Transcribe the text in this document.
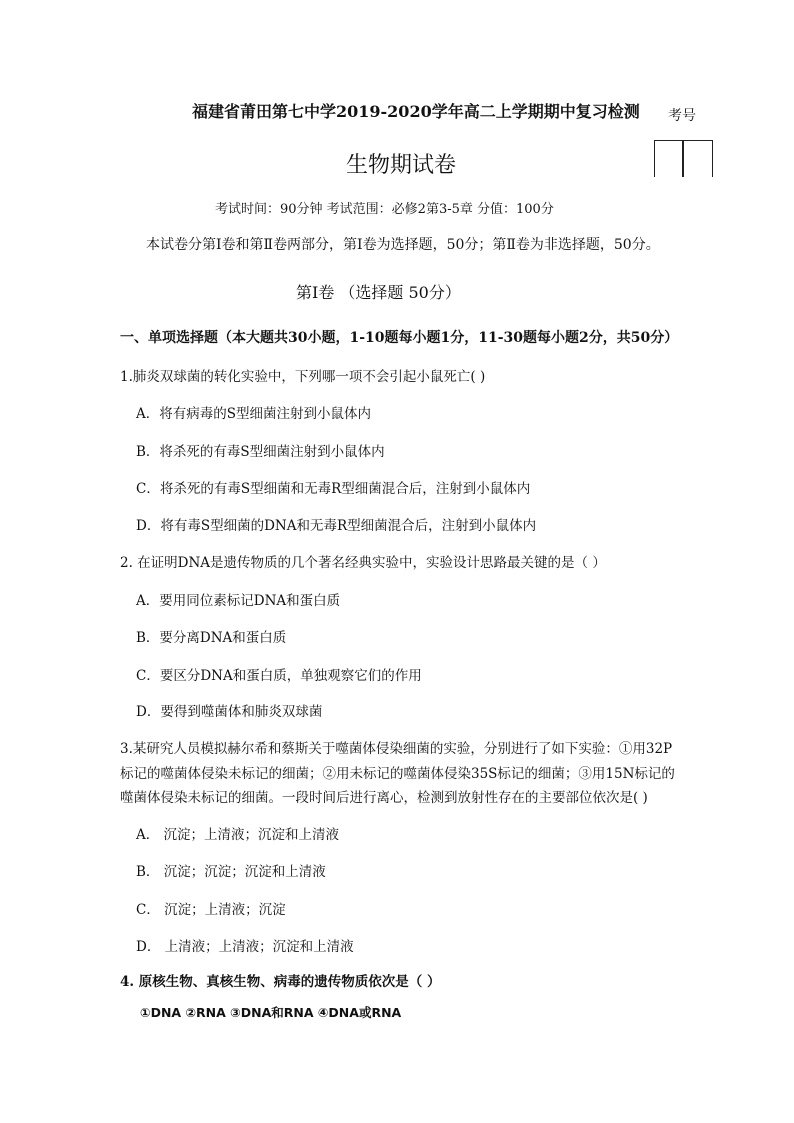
福建省莆田第七中学2019-2020学年高二上学期期中复习检测 考号
生物期试卷
考试时间：90分钟 考试范围：必修2第3-5章 分值：100分
本试卷分第Ⅰ卷和第Ⅱ卷两部分，第Ⅰ卷为选择题，50分；第Ⅱ卷为非选择题，50分。
第Ⅰ卷 （选择题 50分）
一、单项选择题（本大题共30小题，1-10题每小题1分，11-30题每小题2分，共50分）
1.肺炎双球菌的转化实验中，下列哪一项不会引起小鼠死亡( )
A．将有病毒的S型细菌注射到小鼠体内
B．将杀死的有毒S型细菌注射到小鼠体内
C．将杀死的有毒S型细菌和无毒R型细菌混合后，注射到小鼠体内
D．将有毒S型细菌的DNA和无毒R型细菌混合后，注射到小鼠体内
2. 在证明DNA是遗传物质的几个著名经典实验中，实验设计思路最关键的是（ ）
A．要用同位素标记DNA和蛋白质
B．要分离DNA和蛋白质
C．要区分DNA和蛋白质，单独观察它们的作用
D．要得到噬菌体和肺炎双球菌
3.某研究人员模拟赫尔希和蔡斯关于噬菌体侵染细菌的实验，分别进行了如下实验：①用32P
标记的噬菌体侵染未标记的细菌；②用未标记的噬菌体侵染35S标记的细菌；③用15N标记的
噬菌体侵染未标记的细菌。一段时间后进行离心，检测到放射性存在的主要部位依次是( )
A． 沉淀；上清液；沉淀和上清液
B． 沉淀；沉淀；沉淀和上清液
C． 沉淀；上清液；沉淀
D． 上清液；上清液；沉淀和上清液
4. 原核生物、真核生物、病毒的遗传物质依次是（ ）
①DNA ②RNA ③DNA和RNA ④DNA或RNA
